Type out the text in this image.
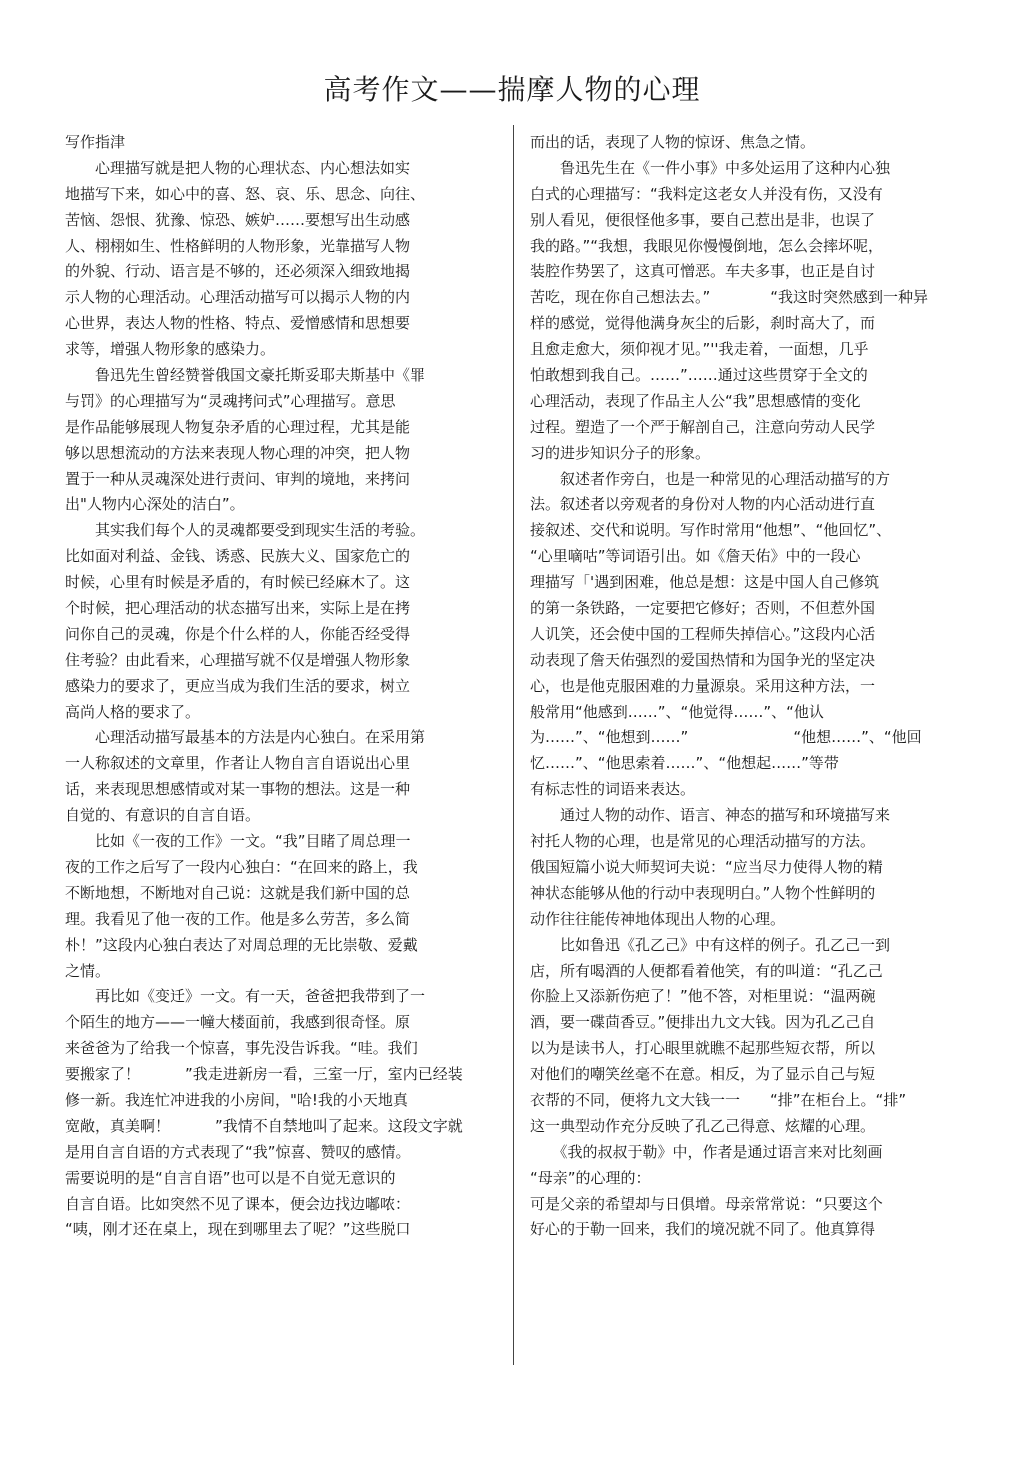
高考作文——揣摩人物的心理
写作指津
　　心理描写就是把人物的心理状态、内心想法如实
地描写下来，如心中的喜、怒、哀、乐、思念、向往、
苦恼、怨恨、犹豫、惊恐、嫉妒……要想写出生动感
人、栩栩如生、性格鲜明的人物形象，光靠描写人物
的外貌、行动、语言是不够的，还必须深入细致地揭
示人物的心理活动。心理活动描写可以揭示人物的内
心世界，表达人物的性格、特点、爱憎感情和思想要
求等，增强人物形象的感染力。
　　鲁迅先生曾经赞誉俄国文豪托斯妥耶夫斯基中《罪
与罚》的心理描写为“灵魂拷问式”心理描写。意思
是作品能够展现人物复杂矛盾的心理过程，尤其是能
够以思想流动的方法来表现人物心理的冲突，把人物
置于一种从灵魂深处进行责问、审判的境地，来拷问
出"人物内心深处的洁白”。
　　其实我们每个人的灵魂都要受到现实生活的考验。
比如面对利益、金钱、诱惑、民族大义、国家危亡的
时候，心里有时候是矛盾的，有时候已经麻木了。这
个时候，把心理活动的状态描写出来，实际上是在拷
问你自己的灵魂，你是个什么样的人，你能否经受得
住考验？由此看来，心理描写就不仅是增强人物形象
感染力的要求了，更应当成为我们生活的要求，树立
高尚人格的要求了。
　　心理活动描写最基本的方法是内心独白。在采用第
一人称叙述的文章里，作者让人物自言自语说出心里
话，来表现思想感情或对某一事物的想法。这是一种
自觉的、有意识的自言自语。
　　比如《一夜的工作》一文。“我”目睹了周总理一
夜的工作之后写了一段内心独白：“在回来的路上，我
不断地想，不断地对自己说：这就是我们新中国的总
理。我看见了他一夜的工作。他是多么劳苦，多么简
朴！”这段内心独白表达了对周总理的无比崇敬、爱戴
之情。
　　再比如《变迁》一文。有一天，爸爸把我带到了一
个陌生的地方——一幢大楼面前，我感到很奇怪。原
来爸爸为了给我一个惊喜，事先没告诉我。“哇。我们
要搬家了！　　　”我走进新房一看，三室一厅，室内已经装
修一新。我连忙冲进我的小房间，"哈!我的小天地真
宽敞，真美啊！　　　”我情不自禁地叫了起来。这段文字就
是用自言自语的方式表现了“我”惊喜、赞叹的感情。
需要说明的是“自言自语”也可以是不自觉无意识的
自言自语。比如突然不见了课本，便会边找边嘟哝：
“咦，刚才还在桌上，现在到哪里去了呢？”这些脱口
而出的话，表现了人物的惊讶、焦急之情。
　　鲁迅先生在《一件小事》中多处运用了这种内心独
白式的心理描写：“我料定这老女人并没有伤，又没有
别人看见，便很怪他多事，要自己惹出是非，也误了
我的路。”“我想，我眼见你慢慢倒地，怎么会摔坏呢，
装腔作势罢了，这真可憎恶。车夫多事，也正是自讨
苦吃，现在你自己想法去。”　　　　“我这时突然感到一种异
样的感觉，觉得他满身灰尘的后影，刹时高大了，而
且愈走愈大，须仰视才见。”''我走着，一面想，几乎
怕敢想到我自己。……”……通过这些贯穿于全文的
心理活动，表现了作品主人公“我”思想感情的变化
过程。塑造了一个严于解剖自己，注意向劳动人民学
习的进步知识分子的形象。
　　叙述者作旁白，也是一种常见的心理活动描写的方
法。叙述者以旁观者的身份对人物的内心活动进行直
接叙述、交代和说明。写作时常用“他想”、“他回忆”、
“心里嘀咕”等词语引出。如《詹天佑》中的一段心
理描写「'遇到困难，他总是想：这是中国人自己修筑
的第一条铁路，一定要把它修好；否则，不但惹外国
人讥笑，还会使中国的工程师失掉信心。”这段内心活
动表现了詹天佑强烈的爱国热情和为国争光的坚定决
心，也是他克服困难的力量源泉。采用这种方法，一
般常用“他感到……”、“他觉得……”、“他认
为……”、“他想到……”　　　　　　　“他想……”、“他回
忆……”、“他思索着……”、“他想起……”等带
有标志性的词语来表达。
　　通过人物的动作、语言、神态的描写和环境描写来
衬托人物的心理，也是常见的心理活动描写的方法。
俄国短篇小说大师契诃夫说：“应当尽力使得人物的精
神状态能够从他的行动中表现明白。”人物个性鲜明的
动作往往能传神地体现出人物的心理。
　　比如鲁迅《孔乙己》中有这样的例子。孔乙己一到
店，所有喝酒的人便都看着他笑，有的叫道：“孔乙己
你脸上又添新伤疤了！”他不答，对柜里说：“温两碗
酒，要一碟茴香豆。”便排出九文大钱。因为孔乙己自
以为是读书人，打心眼里就瞧不起那些短衣帮，所以
对他们的嘲笑丝毫不在意。相反，为了显示自己与短
衣帮的不同，便将九文大钱一一　　“排”在柜台上。“排”
这一典型动作充分反映了孔乙己得意、炫耀的心理。
　　《我的叔叔于勒》中，作者是通过语言来对比刻画
“母亲”的心理的：
可是父亲的希望却与日俱增。母亲常常说：“只要这个
好心的于勒一回来，我们的境况就不同了。他真算得
